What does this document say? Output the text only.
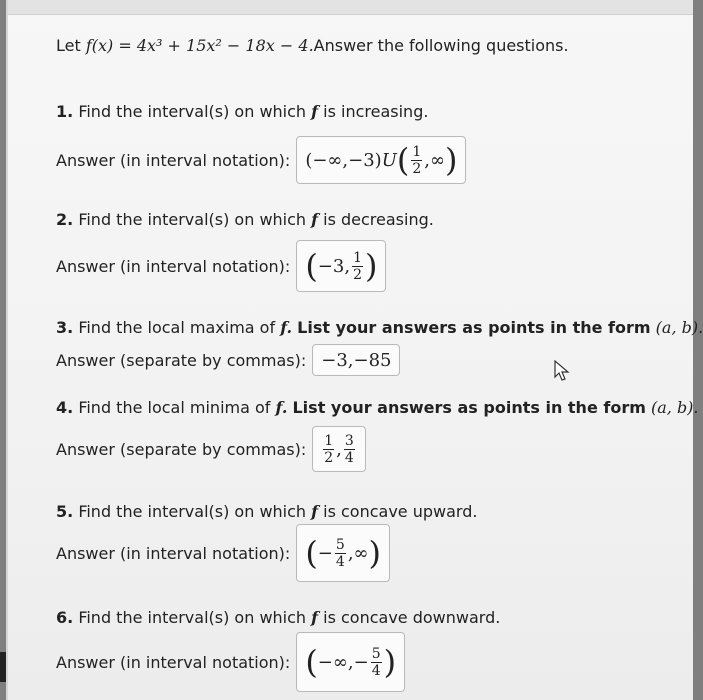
Let
f(x) = 4x³ + 15x² − 18x − 4. Answer the following questions.
1.
Find the interval(s) on which
f
is increasing.
Answer (in interval notation): (−∞,−3) U ( $\frac{1}{2}$ ,∞ )
2.
Find the interval(s) on which
f
is decreasing.
Answer (in interval notation): ( −3, $\frac{1}{2}$ )
3.
Find the local maxima of
f.
List your answers as points in the form
(a, b).
Answer (separate by commas): −3,−85
4.
Find the local minima of
f.
List your answers as points in the form
(a, b).
Answer (separate by commas): $\frac{1}{2}$ , $\frac{3}{4}$
5.
Find the interval(s) on which
f
is concave upward.
Answer (in interval notation): ( − $\frac{5}{4}$ ,∞ )
6.
Find the interval(s) on which
f
is concave downward.
Answer (in interval notation): ( −∞,− $\frac{5}{4}$ )
